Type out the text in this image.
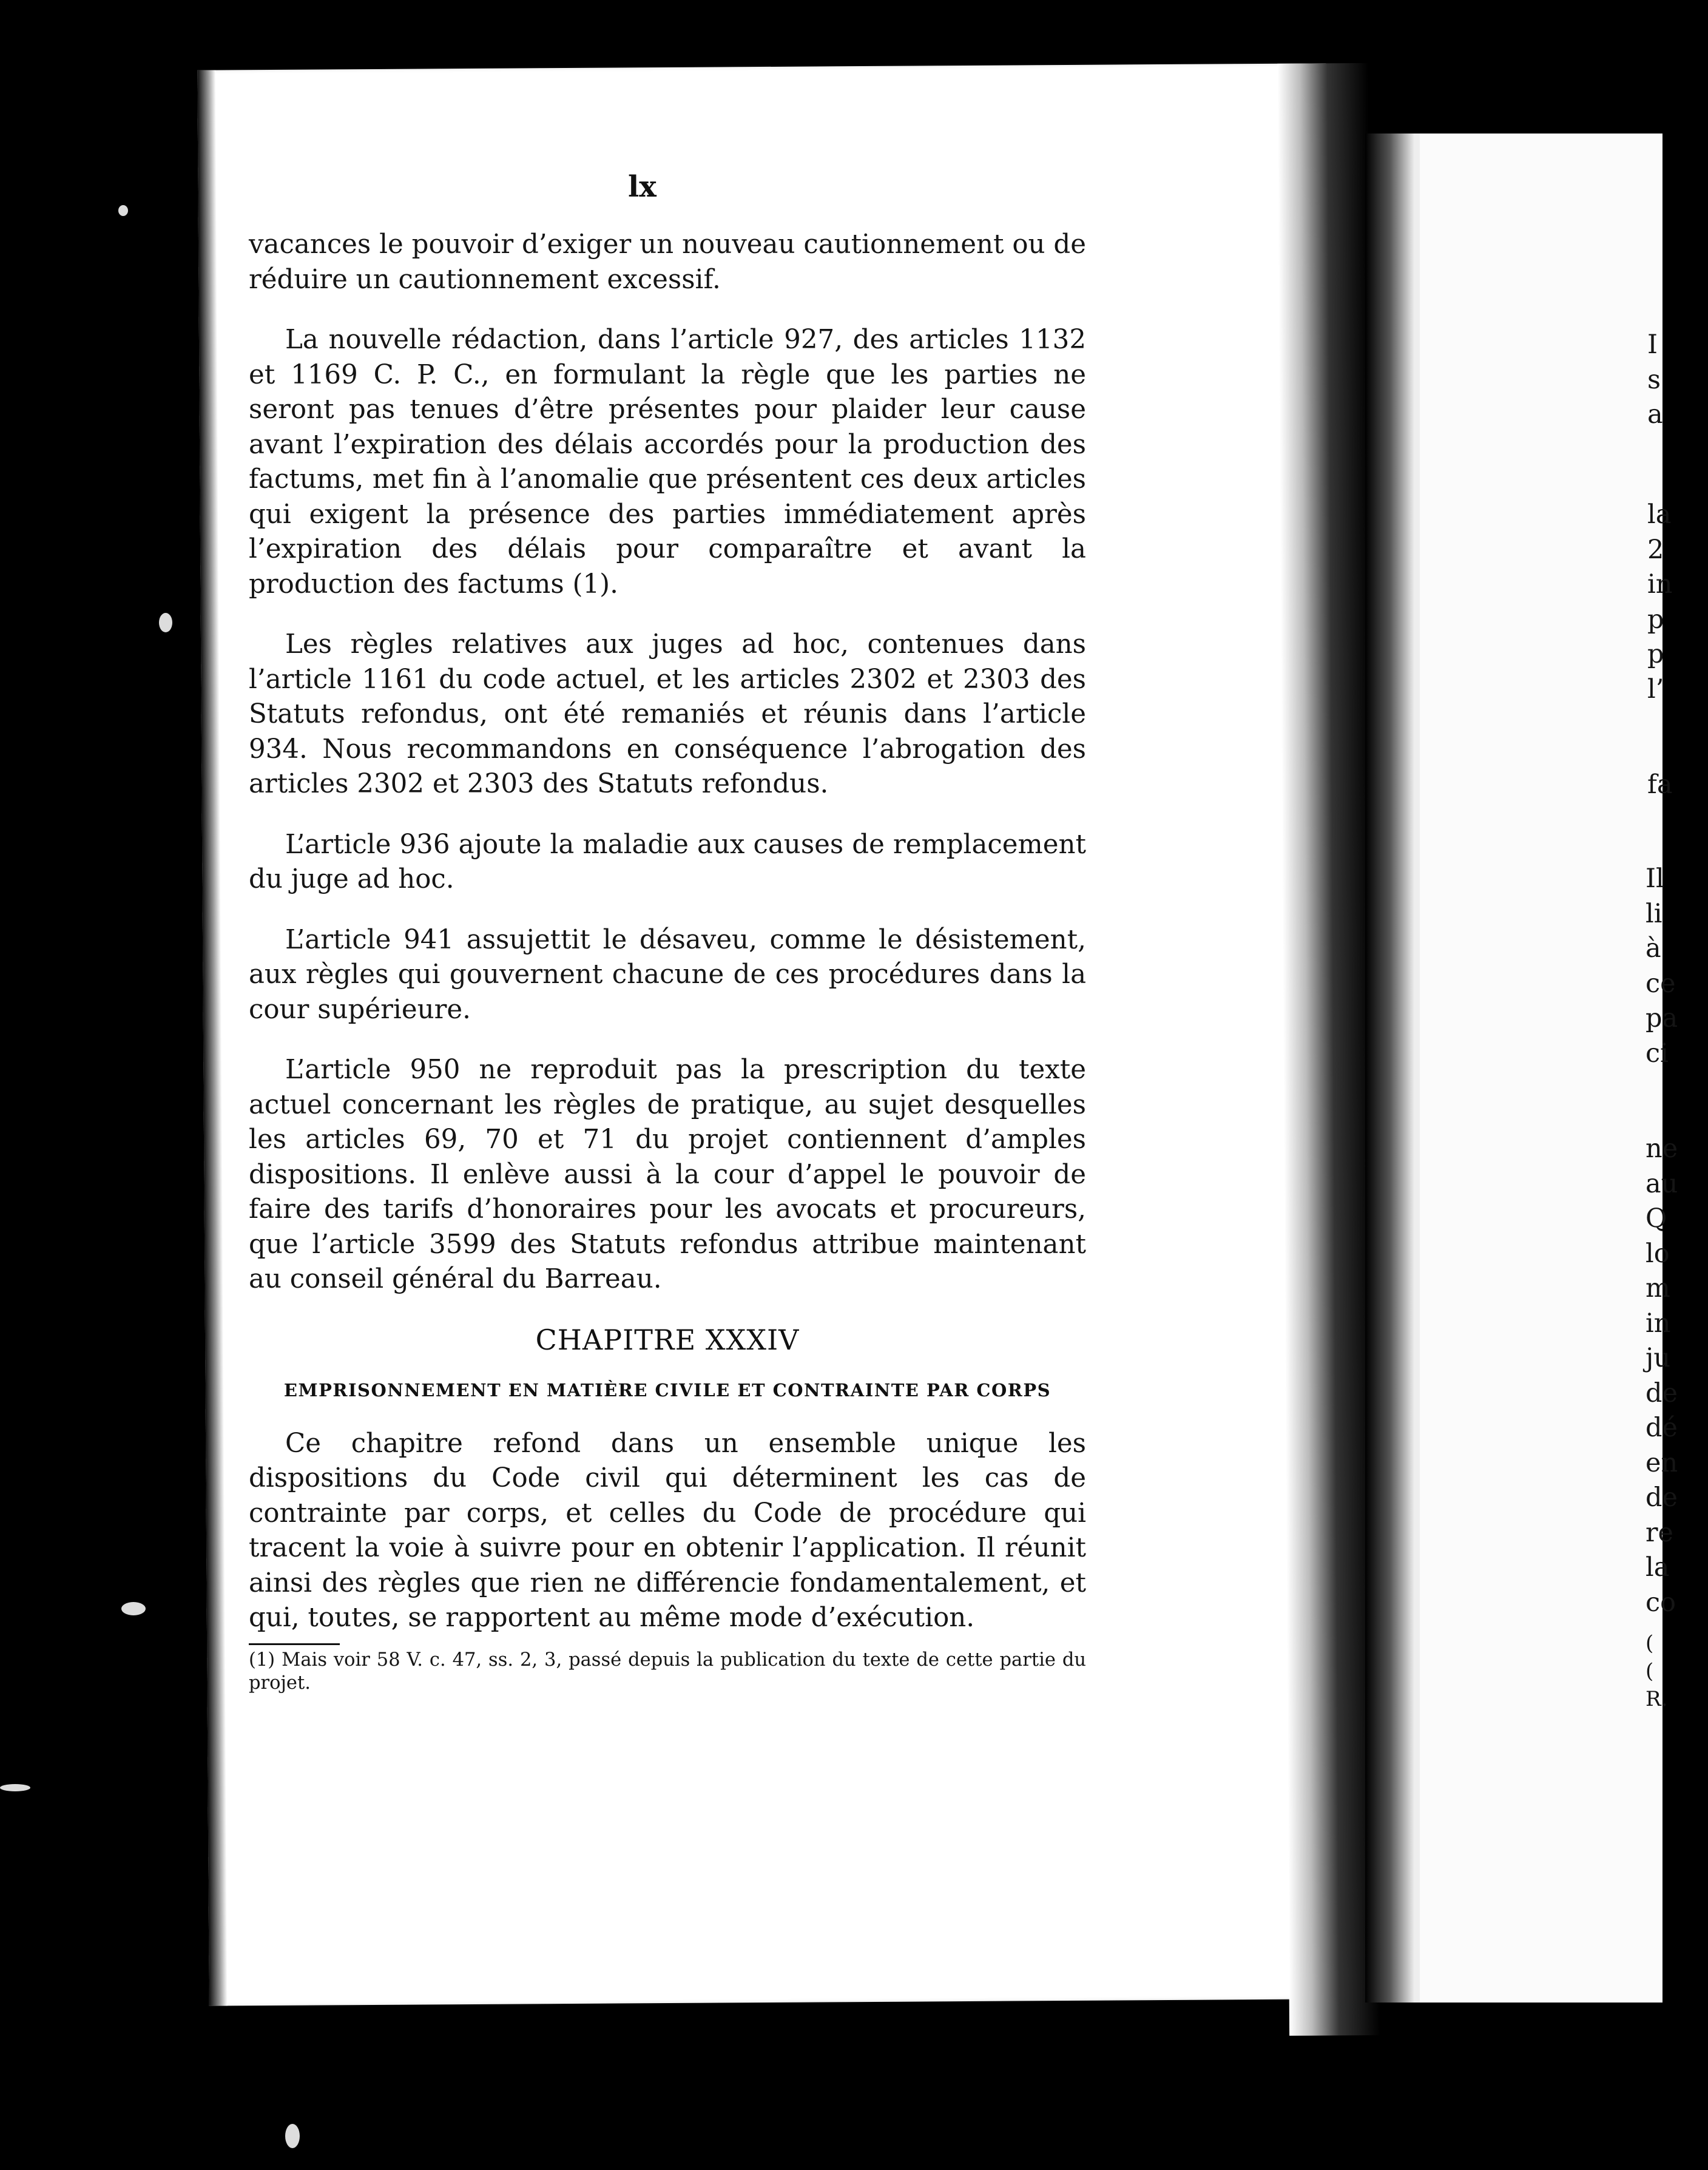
lx

vacances le pouvoir d’exiger un nouveau cautionnement ou de réduire un cautionnement excessif.

La nouvelle rédaction, dans l’article 927, des articles 1132 et 1169 C. P. C., en formulant la règle que les parties ne seront pas tenues d’être présentes pour plaider leur cause avant l’expiration des délais accordés pour la production des factums, met fin à l’anomalie que présentent ces deux articles qui exigent la présence des parties immédiatement après l’expiration des délais pour comparaître et avant la production des factums (1).

Les règles relatives aux juges ad hoc, contenues dans l’article 1161 du code actuel, et les articles 2302 et 2303 des Statuts refondus, ont été remaniés et réunis dans l’article 934. Nous recommandons en conséquence l’abrogation des articles 2302 et 2303 des Statuts refondus.

L’article 936 ajoute la maladie aux causes de remplacement du juge ad hoc.

L’article 941 assujettit le désaveu, comme le désistement, aux règles qui gouvernent chacune de ces procédures dans la cour supérieure.

L’article 950 ne reproduit pas la prescription du texte actuel concernant les règles de pratique, au sujet desquelles les articles 69, 70 et 71 du projet contiennent d’amples dispositions. Il enlève aussi à la cour d’appel le pouvoir de faire des tarifs d’honoraires pour les avocats et procureurs, que l’article 3599 des Statuts refondus attribue maintenant au conseil général du Barreau.

CHAPITRE XXXIV
EMPRISONNEMENT EN MATIÈRE CIVILE ET CONTRAINTE PAR CORPS

Ce chapitre refond dans un ensemble unique les dispositions du Code civil qui déterminent les cas de contrainte par corps, et celles du Code de procédure qui tracent la voie à suivre pour en obtenir l’application. Il réunit ainsi des règles que rien ne différencie fondamentalement, et qui, toutes, se rapportent au même mode d’exécution.

(1) Mais voir 58 V. c. 47, ss. 2, 3, passé depuis la publication du texte de cette partie du projet.
I
s
a
la
2
in
p
p
l’
fa
Il
li
à
ce
pa
ci
ne
au
Q
lo
m
in
ju
de
dé
en
de
re
la
co
(
(
R.
